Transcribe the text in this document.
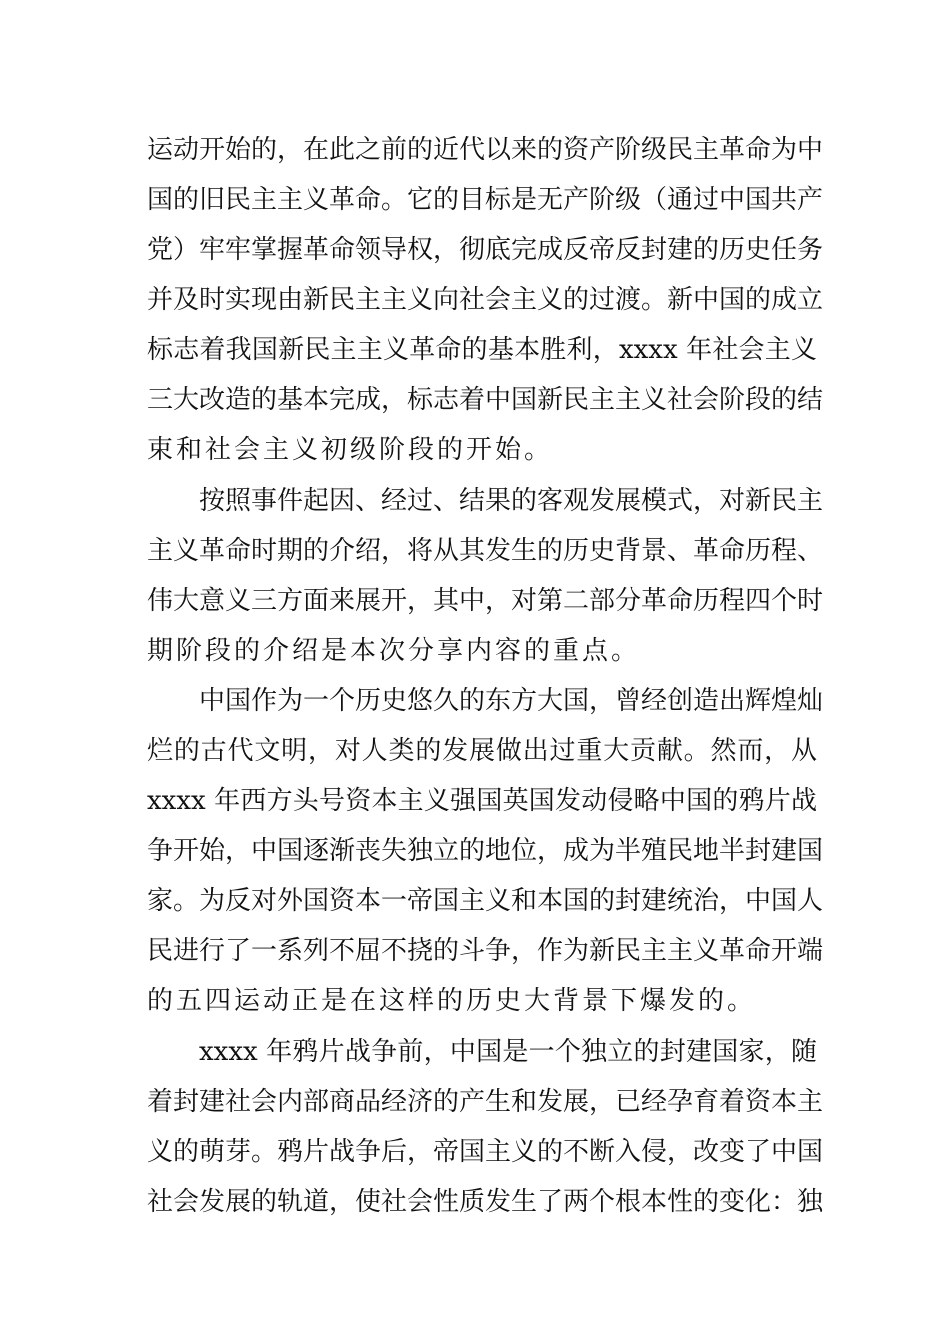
运动开始的，在此之前的近代以来的资产阶级民主革命为中
国的旧民主主义革命。它的目标是无产阶级（通过中国共产
党）牢牢掌握革命领导权，彻底完成反帝反封建的历史任务
并及时实现由新民主主义向社会主义的过渡。新中国的成立
标志着我国新民主主义革命的基本胜利，xxxx 年社会主义
三大改造的基本完成，标志着中国新民主主义社会阶段的结
束和社会主义初级阶段的开始。
按照事件起因、经过、结果的客观发展模式，对新民主
主义革命时期的介绍，将从其发生的历史背景、革命历程、
伟大意义三方面来展开，其中，对第二部分革命历程四个时
期阶段的介绍是本次分享内容的重点。
中国作为一个历史悠久的东方大国，曾经创造出辉煌灿
烂的古代文明，对人类的发展做出过重大贡献。然而，从
xxxx 年西方头号资本主义强国英国发动侵略中国的鸦片战
争开始，中国逐渐丧失独立的地位，成为半殖民地半封建国
家。为反对外国资本一帝国主义和本国的封建统治，中国人
民进行了一系列不屈不挠的斗争，作为新民主主义革命开端
的五四运动正是在这样的历史大背景下爆发的。
xxxx 年鸦片战争前，中国是一个独立的封建国家，随
着封建社会内部商品经济的产生和发展，已经孕育着资本主
义的萌芽。鸦片战争后，帝国主义的不断入侵，改变了中国
社会发展的轨道，使社会性质发生了两个根本性的变化：独
